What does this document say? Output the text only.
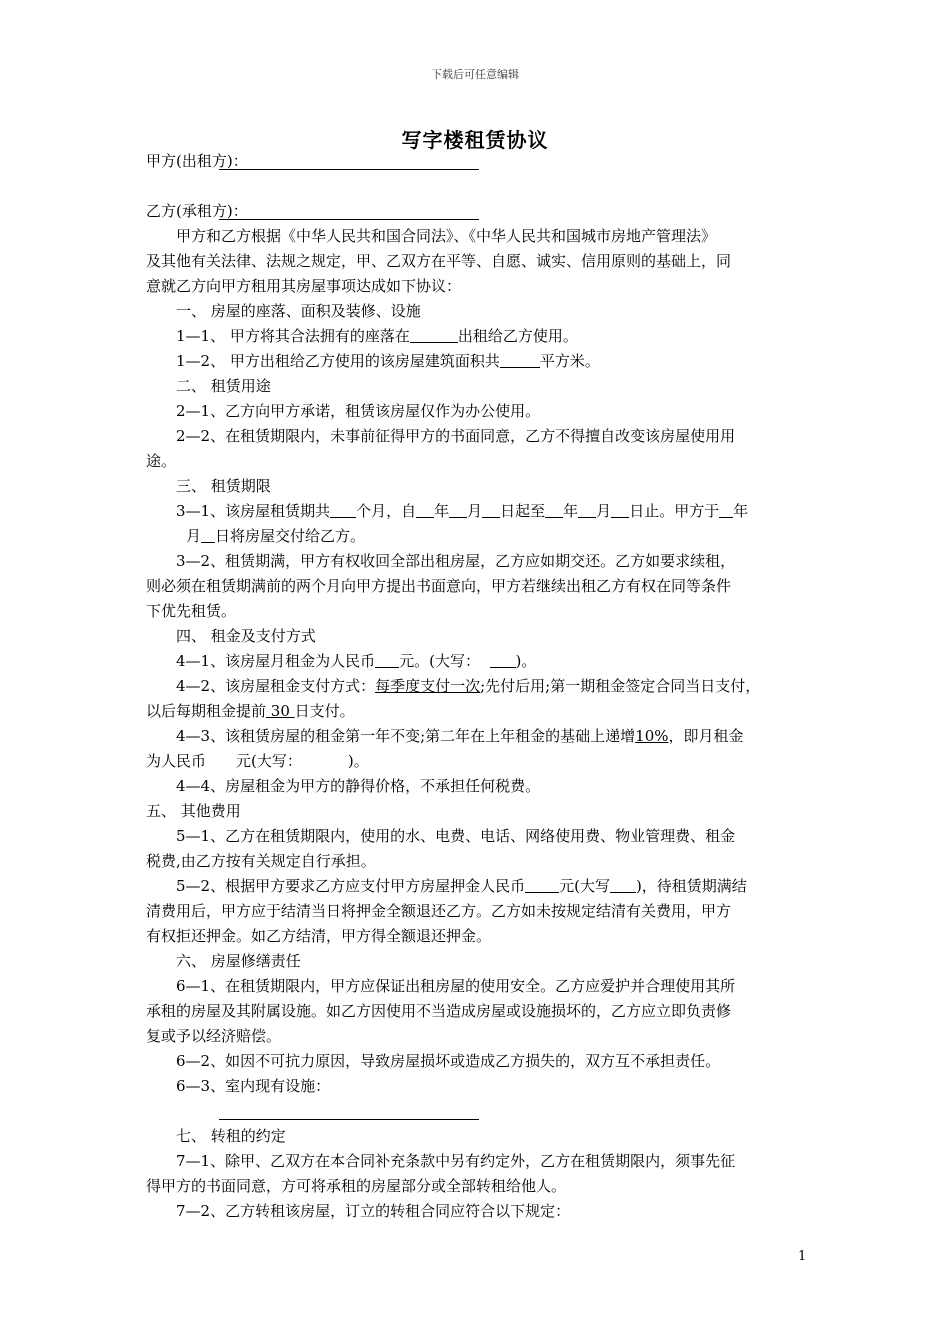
下载后可任意编辑
写字楼租赁协议
甲方(出租方)：
乙方(承租方)：
甲方和乙方根据《中华人民共和国合同法》、《中华人民共和国城市房地产管理法》
及其他有关法律、法规之规定，甲、乙双方在平等、自愿、诚实、信用原则的基础上，同
意就乙方向甲方租用其房屋事项达成如下协议：
一、 房屋的座落、面积及装修、设施
1—1、 甲方将其合法拥有的座落在	出租给乙方使用。
1—2、 甲方出租给乙方使用的该房屋建筑面积共	平方米。
二、 租赁用途
2—1、乙方向甲方承诺，租赁该房屋仅作为办公使用。
2—2、在租赁期限内，未事前征得甲方的书面同意，乙方不得擅自改变该房屋使用用
途。
三、 租赁期限
3—1、该房屋租赁期共 个月，自 年 月 日起至 年 月 日止。甲方于 年
月 日将房屋交付给乙方。
3—2、租赁期满，甲方有权收回全部出租房屋，乙方应如期交还。乙方如要求续租，
则必须在租赁期满前的两个月向甲方提出书面意向，甲方若继续出租乙方有权在同等条件
下优先租赁。
四、 租金及支付方式
4—1、该房屋月租金为人民币 元。(大写： )。
4—2、该房屋租金支付方式：每季度支付一次;先付后用;第一期租金签定合同当日支付，
以后每期租金提前 30 日支付。
4—3、该租赁房屋的租金第一年不变;第二年在上年租金的基础上递增10%，即月租金
为人民币 元(大写：	)。
4—4、房屋租金为甲方的静得价格，不承担任何税费。
五、 其他费用
5—1、乙方在租赁期限内，使用的水、电费、电话、网络使用费、物业管理费、租金
税费,由乙方按有关规定自行承担。
5—2、根据甲方要求乙方应支付甲方房屋押金人民币 元(大写 )，待租赁期满结
清费用后，甲方应于结清当日将押金全额退还乙方。乙方如未按规定结清有关费用，甲方
有权拒还押金。如乙方结清，甲方得全额退还押金。
六、 房屋修缮责任
6—1、在租赁期限内，甲方应保证出租房屋的使用安全。乙方应爱护并合理使用其所
承租的房屋及其附属设施。如乙方因使用不当造成房屋或设施损坏的，乙方应立即负责修
复或予以经济赔偿。
6—2、如因不可抗力原因，导致房屋损坏或造成乙方损失的，双方互不承担责任。
6—3、室内现有设施：
七、 转租的约定
7—1、除甲、乙双方在本合同补充条款中另有约定外，乙方在租赁期限内，须事先征
得甲方的书面同意，方可将承租的房屋部分或全部转租给他人。
7—2、乙方转租该房屋，订立的转租合同应符合以下规定：
1
